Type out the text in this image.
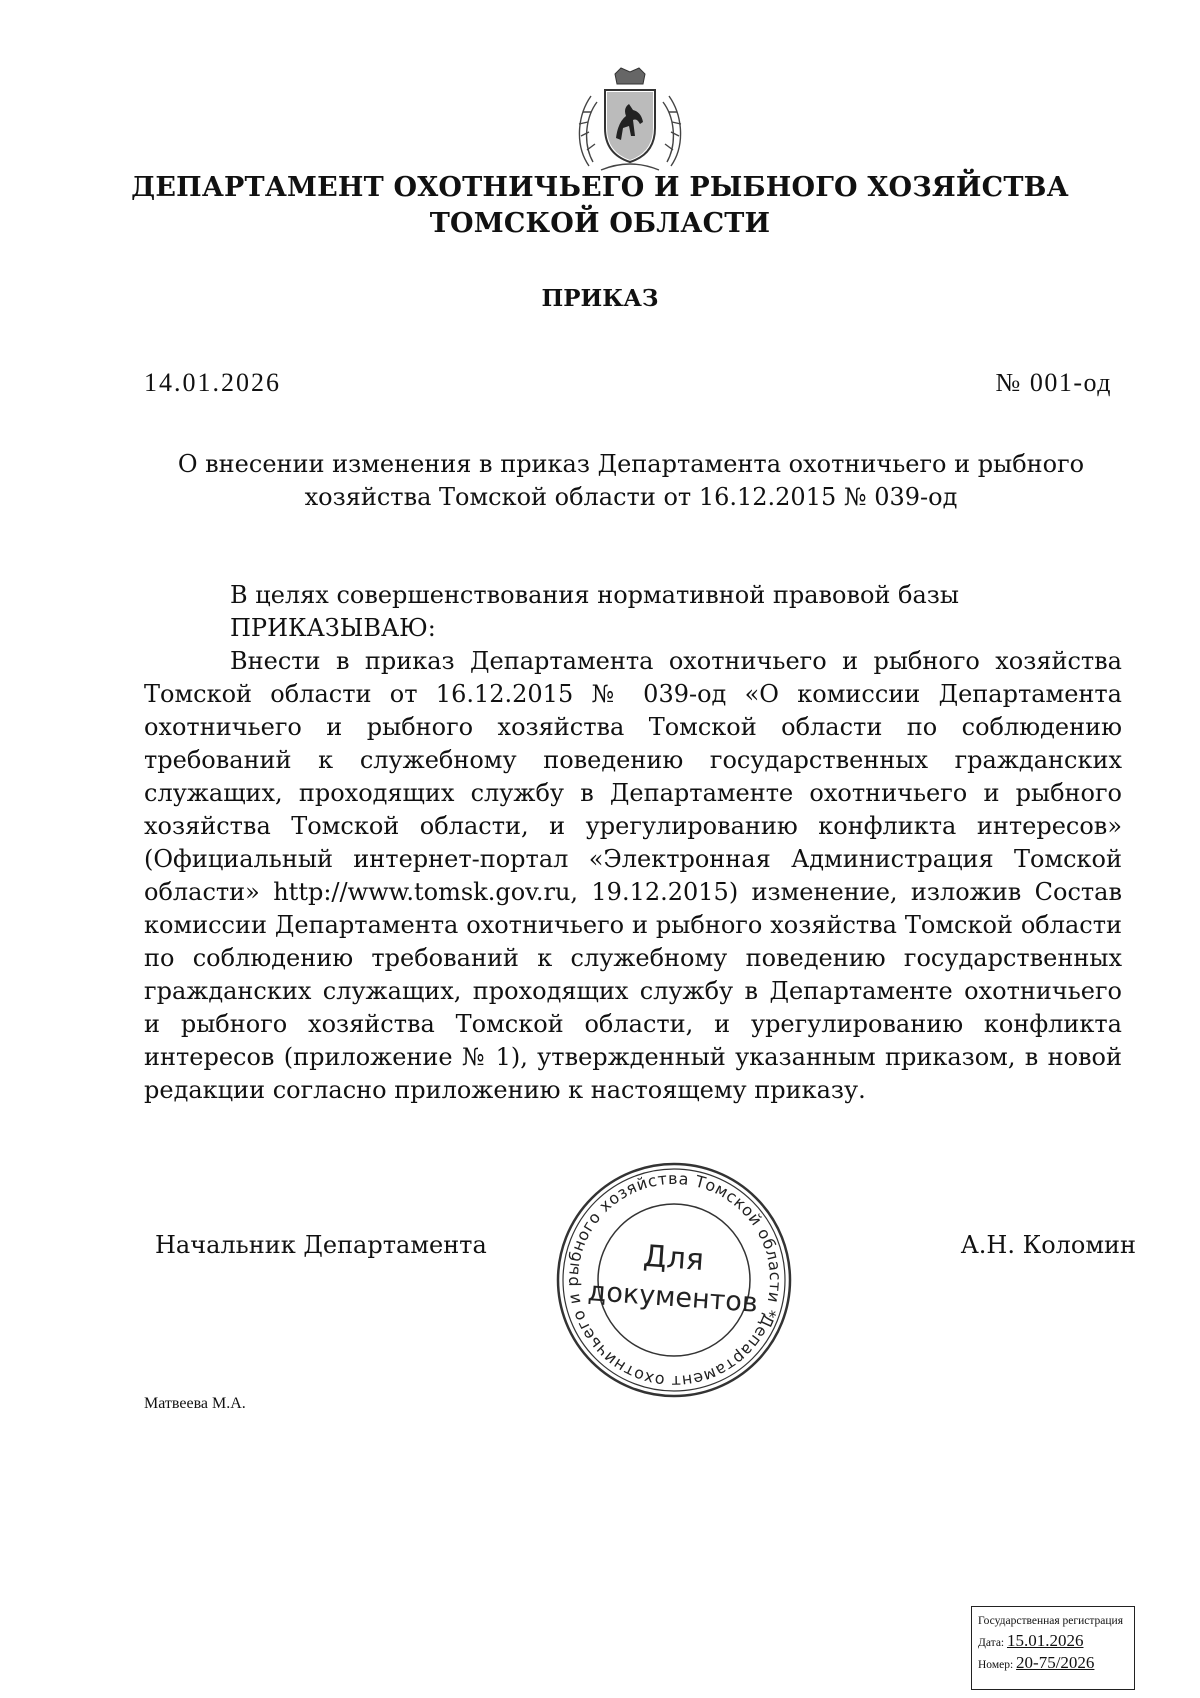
ДЕПАРТАМЕНТ ОХОТНИЧЬЕГО И РЫБНОГО ХОЗЯЙСТВА
ТОМСКОЙ ОБЛАСТИ
ПРИКАЗ
14.01.2026	№ 001-од
О внесении изменения в приказ Департамента охотничьего и рыбного
хозяйства Томской области от 16.12.2015 № 039-од
В целях совершенствования нормативной правовой базы
ПРИКАЗЫВАЮ:

Внести в приказ Департамента охотничьего и рыбного хозяйства Томской области от 16.12.2015 № 039-од «О комиссии Департамента охотничьего и рыбного хозяйства Томской области по соблюдению требований к служебному поведению государственных гражданских служащих, проходящих службу в Департаменте охотничьего и рыбного хозяйства Томской области, и урегулированию конфликта интересов» (Официальный интернет-портал «Электронная Администрация Томской области» http://www.tomsk.gov.ru, 19.12.2015) изменение, изложив Состав комиссии Департамента охотничьего и рыбного хозяйства Томской области по соблюдению требований к служебному поведению государственных гражданских служащих, проходящих службу в Департаменте охотничьего и рыбного хозяйства Томской области, и урегулированию конфликта интересов (приложение № 1), утвержденный указанным приказом, в новой редакции согласно приложению к настоящему приказу.

Начальник Департамента	А.Н. Коломин
Департамент охотничьего и рыбного хозяйства Томской области *
Для
документов
Матвеева М.А.
Государственная регистрация
Дата: 15.01.2026
Номер: 20-75/2026
